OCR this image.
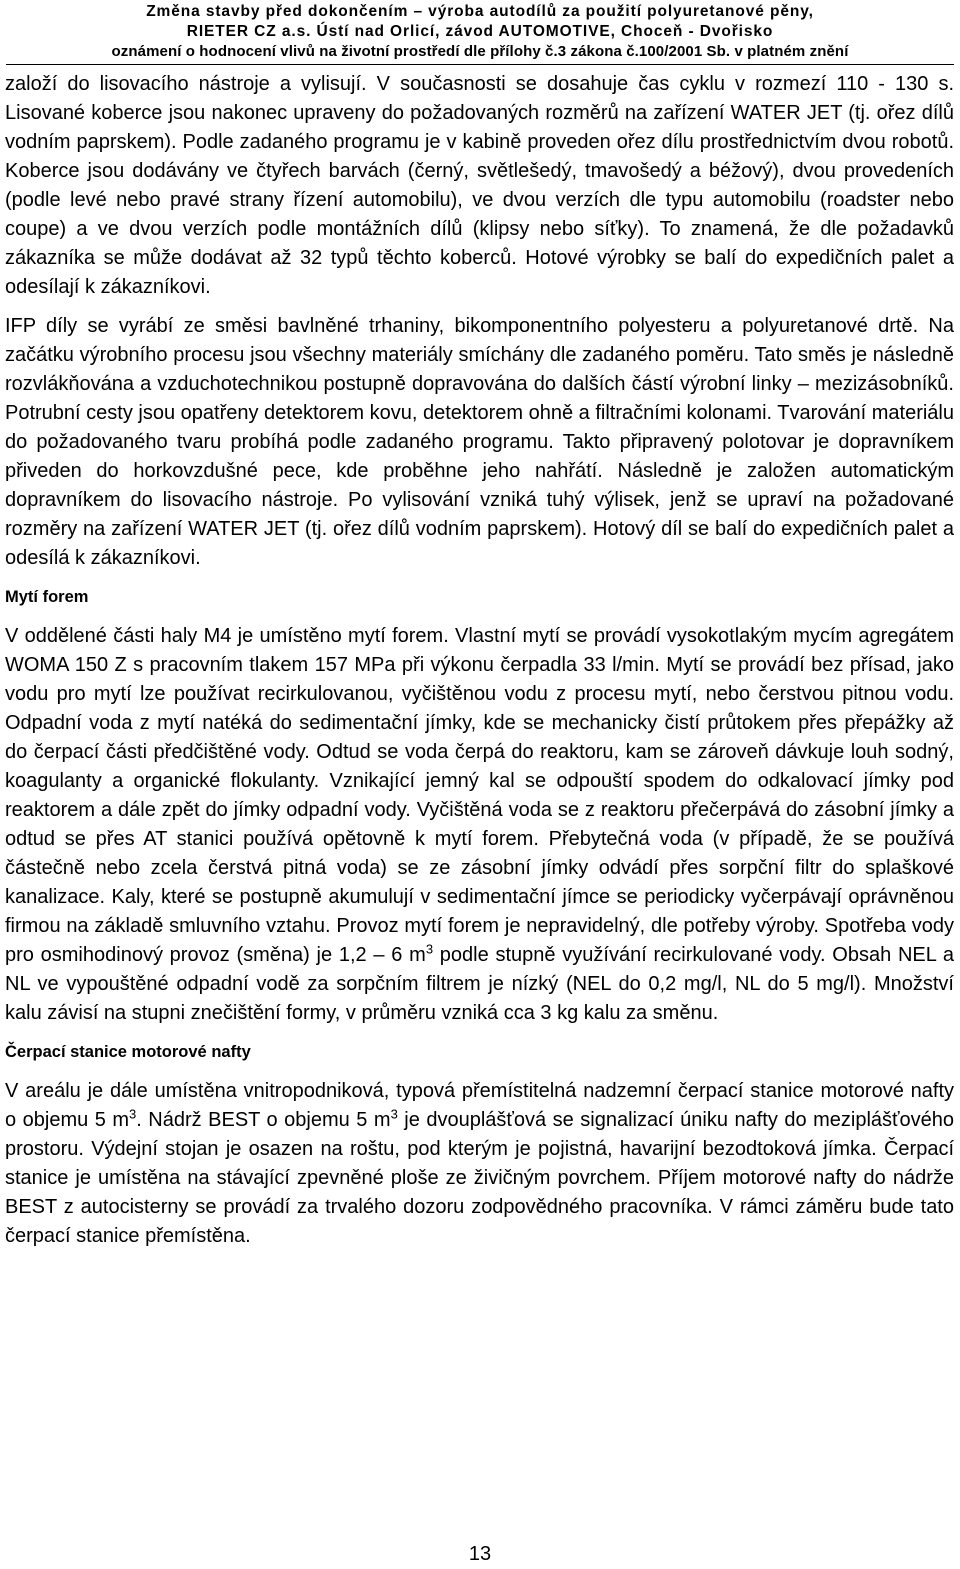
Změna stavby před dokončením – výroba autodílů za použití polyuretanové pěny,
RIETER CZ a.s. Ústí nad Orlicí, závod AUTOMOTIVE, Choceň - Dvořisko
oznámení o hodnocení vlivů na životní prostředí dle přílohy č.3 zákona č.100/2001 Sb. v platném znění

založí do lisovacího nástroje a vylisují. V současnosti se dosahuje čas cyklu v rozmezí 110 - 130 s. Lisované koberce jsou nakonec upraveny do požadovaných rozměrů na zařízení WATER JET (tj. ořez dílů vodním paprskem). Podle zadaného programu je v kabině proveden ořez dílu prostřednictvím dvou robotů. Koberce jsou dodávány ve čtyřech barvách (černý, světlešedý, tmavošedý a béžový), dvou provedeních (podle levé nebo pravé strany řízení automobilu), ve dvou verzích dle typu automobilu (roadster nebo coupe) a ve dvou verzích podle montážních dílů (klipsy nebo síťky). To znamená, že dle požadavků zákazníka se může dodávat až 32 typů těchto koberců. Hotové výrobky se balí do expedičních palet a odesílají k zákazníkovi.

IFP díly se vyrábí ze směsi bavlněné trhaniny, bikomponentního polyesteru a polyuretanové drtě. Na začátku výrobního procesu jsou všechny materiály smíchány dle zadaného poměru. Tato směs je následně rozvlákňována a vzduchotechnikou postupně dopravována do dalších částí výrobní linky – mezizásobníků. Potrubní cesty jsou opatřeny detektorem kovu, detektorem ohně a filtračními kolonami. Tvarování materiálu do požadovaného tvaru probíhá podle zadaného programu. Takto připravený polotovar je dopravníkem přiveden do horkovzdušné pece, kde proběhne jeho nahřátí. Následně je založen automatickým dopravníkem do lisovacího nástroje. Po vylisování vzniká tuhý výlisek, jenž se upraví na požadované rozměry na zařízení WATER JET (tj. ořez dílů vodním paprskem). Hotový díl se balí do expedičních palet a odesílá k zákazníkovi.

Mytí forem

V oddělené části haly M4 je umístěno mytí forem. Vlastní mytí se provádí vysokotlakým mycím agregátem WOMA 150 Z s pracovním tlakem 157 MPa při výkonu čerpadla 33 l/min. Mytí se provádí bez přísad, jako vodu pro mytí lze používat recirkulovanou, vyčištěnou vodu z procesu mytí, nebo čerstvou pitnou vodu. Odpadní voda z mytí natéká do sedimentační jímky, kde se mechanicky čistí průtokem přes přepážky až do čerpací části předčištěné vody. Odtud se voda čerpá do reaktoru, kam se zároveň dávkuje louh sodný, koagulanty a organické flokulanty. Vznikající jemný kal se odpouští spodem do odkalovací jímky pod reaktorem a dále zpět do jímky odpadní vody. Vyčištěná voda se z reaktoru přečerpává do zásobní jímky a odtud se přes AT stanici používá opětovně k mytí forem. Přebytečná voda (v případě, že se používá částečně nebo zcela čerstvá pitná voda) se ze zásobní jímky odvádí přes sorpční filtr do splaškové kanalizace. Kaly, které se postupně akumulují v sedimentační jímce se periodicky vyčerpávají oprávněnou firmou na základě smluvního vztahu. Provoz mytí forem je nepravidelný, dle potřeby výroby. Spotřeba vody pro osmihodinový provoz (směna) je 1,2 – 6 $m^3$ podle stupně využívání recirkulované vody. Obsah NEL a NL ve vypouštěné odpadní vodě za sorpčním filtrem je nízký (NEL do 0,2 mg/l, NL do 5 mg/l). Množství kalu závisí na stupni znečištění formy, v průměru vzniká cca 3 kg kalu za směnu.

Čerpací stanice motorové nafty

V areálu je dále umístěna vnitropodniková, typová přemístitelná nadzemní čerpací stanice motorové nafty o objemu 5 $m^3$. Nádrž BEST o objemu 5 $m^3$ je dvouplášťová se signalizací úniku nafty do meziplášťového prostoru. Výdejní stojan je osazen na roštu, pod kterým je pojistná, havarijní bezodtoková jímka. Čerpací stanice je umístěna na stávající zpevněné ploše ze živičným povrchem. Příjem motorové nafty do nádrže BEST z autocisterny se provádí za trvalého dozoru zodpovědného pracovníka. V rámci záměru bude tato čerpací stanice přemístěna.

13
